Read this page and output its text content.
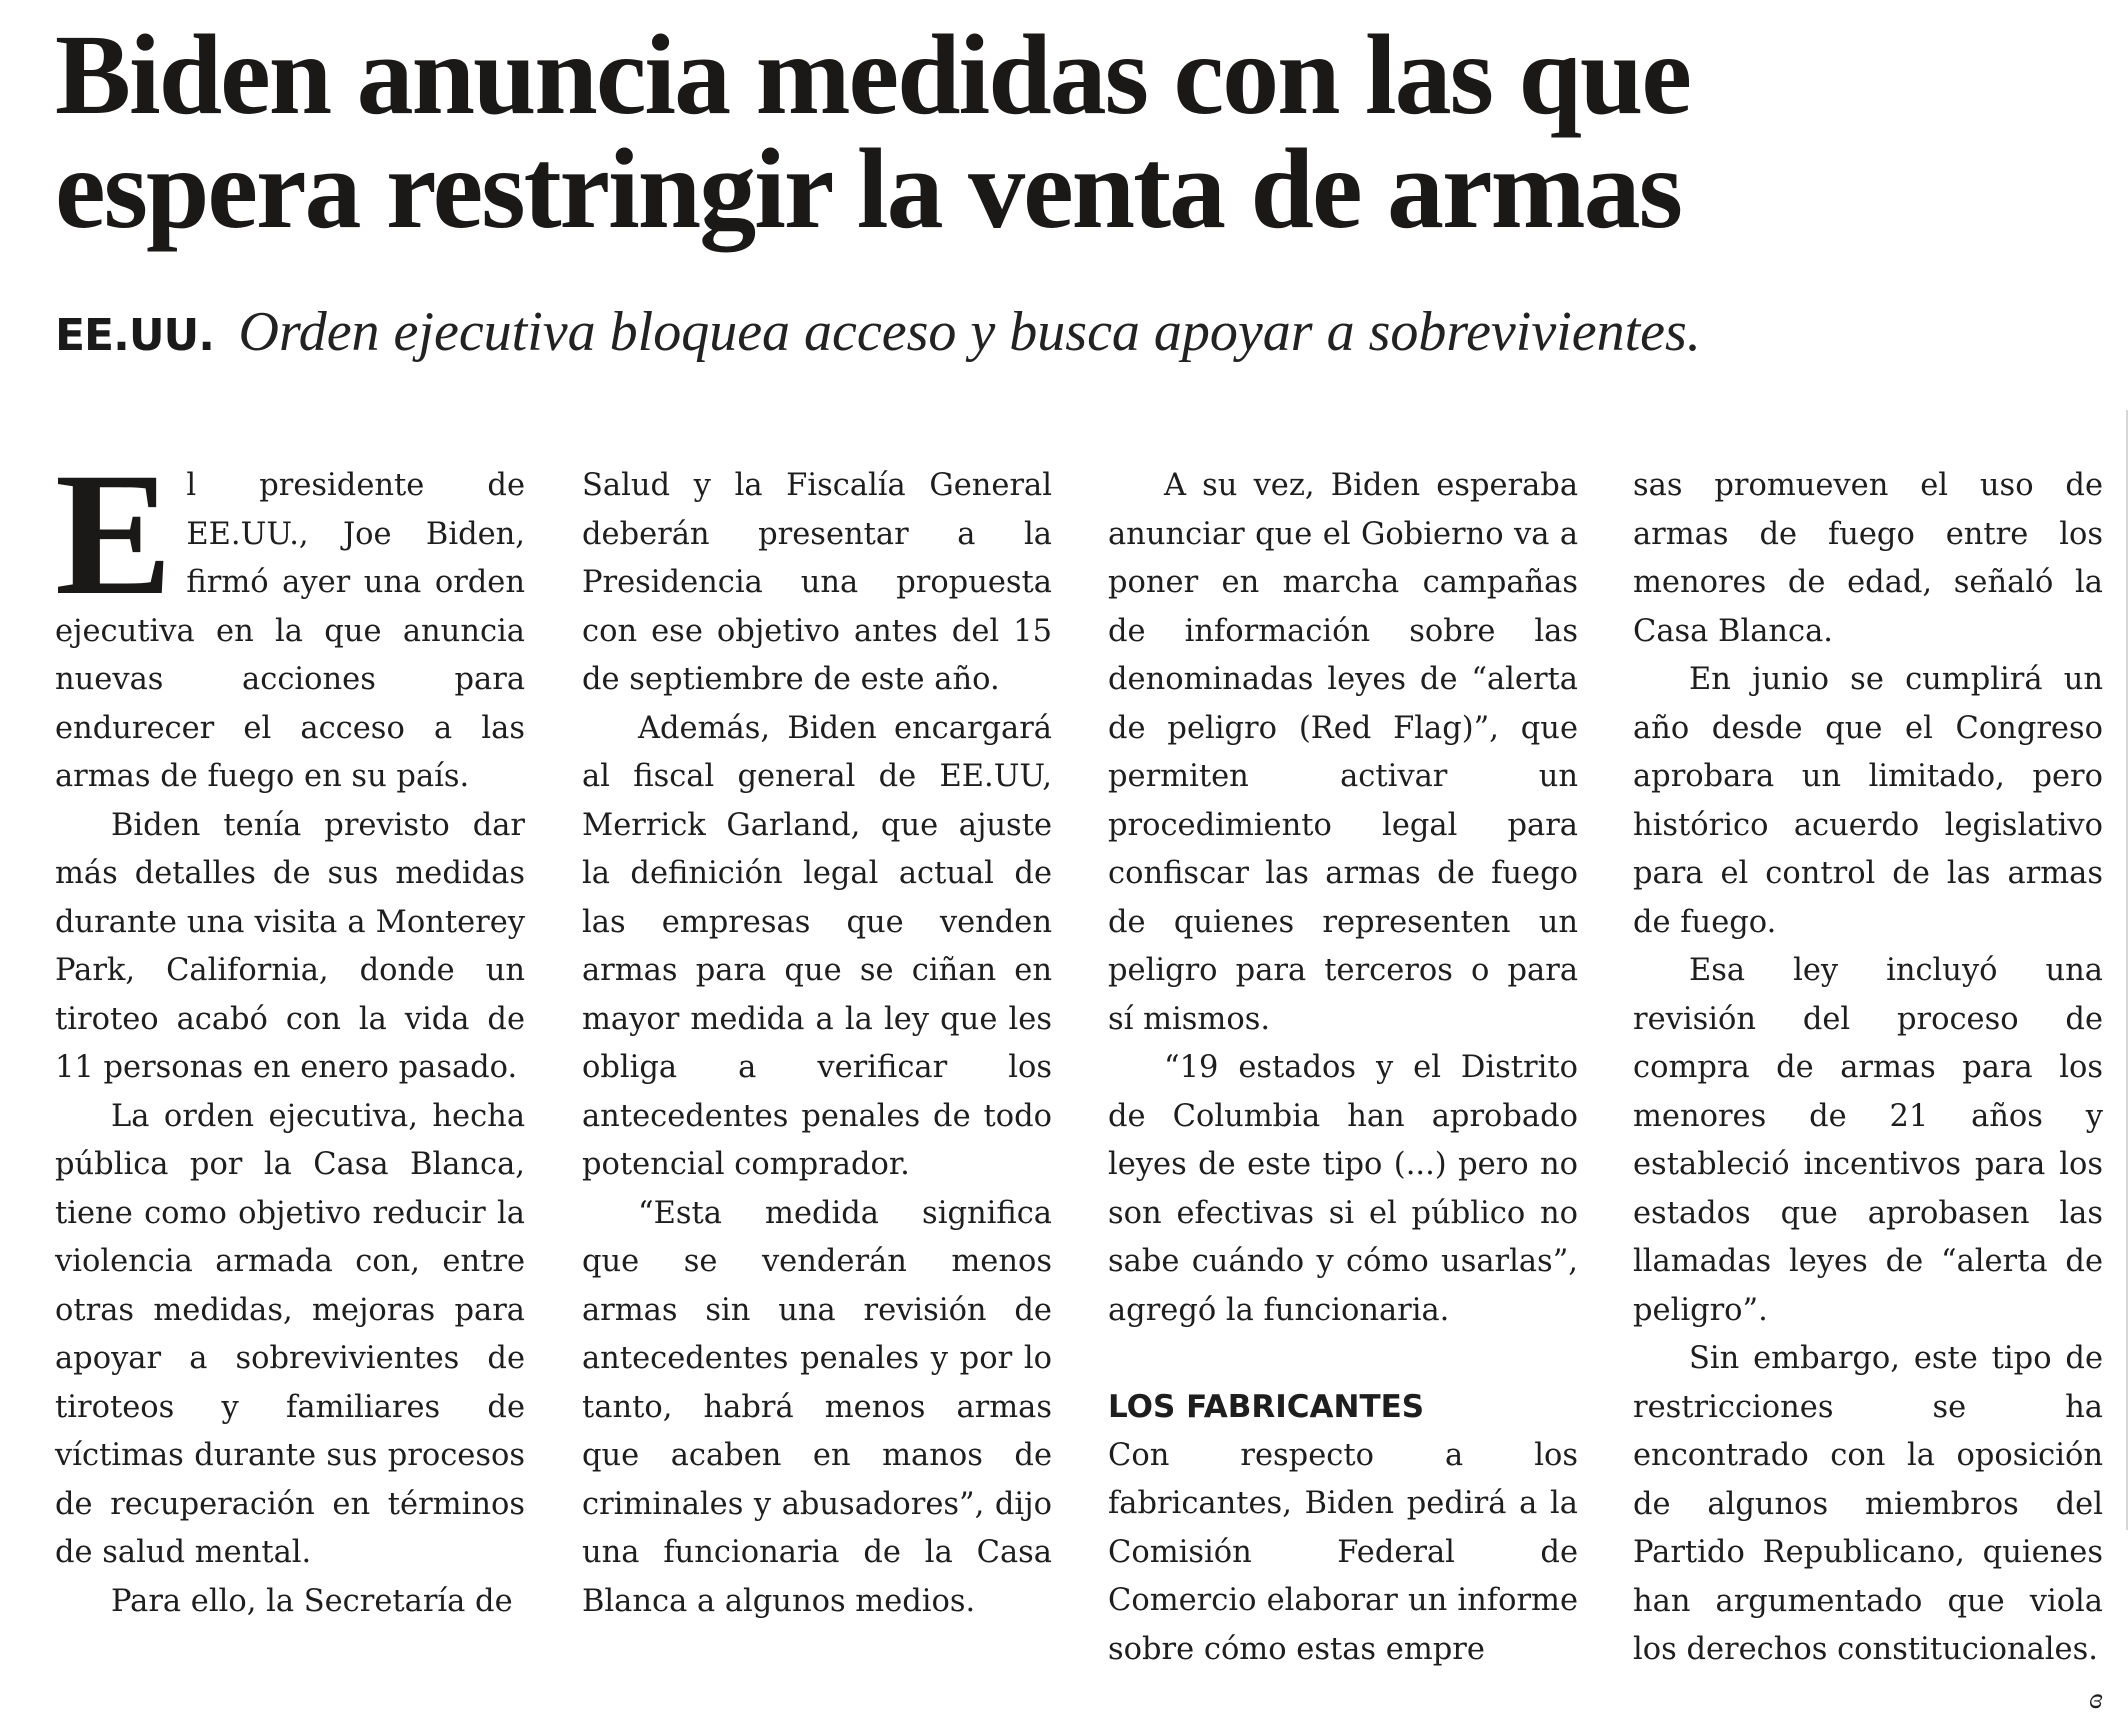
Biden anuncia medidas con las que
espera restringir la venta de armas
EE.UU. Orden ejecutiva bloquea acceso y busca apoyar a sobrevivientes.

El presidente de EE.UU., Joe Biden, firmó ayer una orden ejecutiva en la que anuncia nuevas acciones para endurecer el acceso a las armas de fuego en su país.

Biden tenía previsto dar más detalles de sus medidas durante una visita a Monterey Park, California, donde un tiroteo acabó con la vida de 11 personas en enero pasado.

La orden ejecutiva, hecha pública por la Casa Blanca, tiene como objetivo reducir la violencia armada con, entre otras medidas, mejoras para apoyar a sobrevivientes de tiroteos y familiares de víctimas durante sus procesos de recuperación en términos de salud mental.

Para ello, la Secretaría de

Salud y la Fiscalía General deberán presentar a la Presidencia una propuesta con ese objetivo antes del 15 de septiembre de este año.

Además, Biden encargará al fiscal general de EE.UU, Merrick Garland, que ajuste la definición legal actual de las empresas que venden armas para que se ciñan en mayor medida a la ley que les obliga a verificar los antecedentes penales de todo potencial comprador.

“Esta medida significa que se venderán menos armas sin una revisión de antecedentes penales y por lo tanto, habrá menos armas que acaben en manos de criminales y abusadores”, dijo una funcionaria de la Casa Blanca a algunos medios.

A su vez, Biden esperaba anunciar que el Gobierno va a poner en marcha campañas de información sobre las denominadas leyes de “alerta de peligro (Red Flag)”, que permiten activar un procedimiento legal para confiscar las armas de fuego de quienes representen un peligro para terceros o para sí mismos.

“19 estados y el Distrito de Columbia han aprobado leyes de este tipo (...) pero no son efectivas si el público no sabe cuándo y cómo usarlas”, agregó la funcionaria.

LOS FABRICANTES

Con respecto a los fabricantes, Biden pedirá a la Comisión Federal de Comercio elaborar un informe sobre cómo estas empre

sas promueven el uso de armas de fuego entre los menores de edad, señaló la Casa Blanca.

En junio se cumplirá un año desde que el Congreso aprobara un limitado, pero histórico acuerdo legislativo para el control de las armas de fuego.

Esa ley incluyó una revisión del proceso de compra de armas para los menores de 21 años y estableció incentivos para los estados que aprobasen las llamadas leyes de “alerta de peligro”.

Sin embargo, este tipo de restricciones se ha encontrado con la oposición de algunos miembros del Partido Republicano, quienes han argumentado que viola los derechos constitucionales.
ɞ
